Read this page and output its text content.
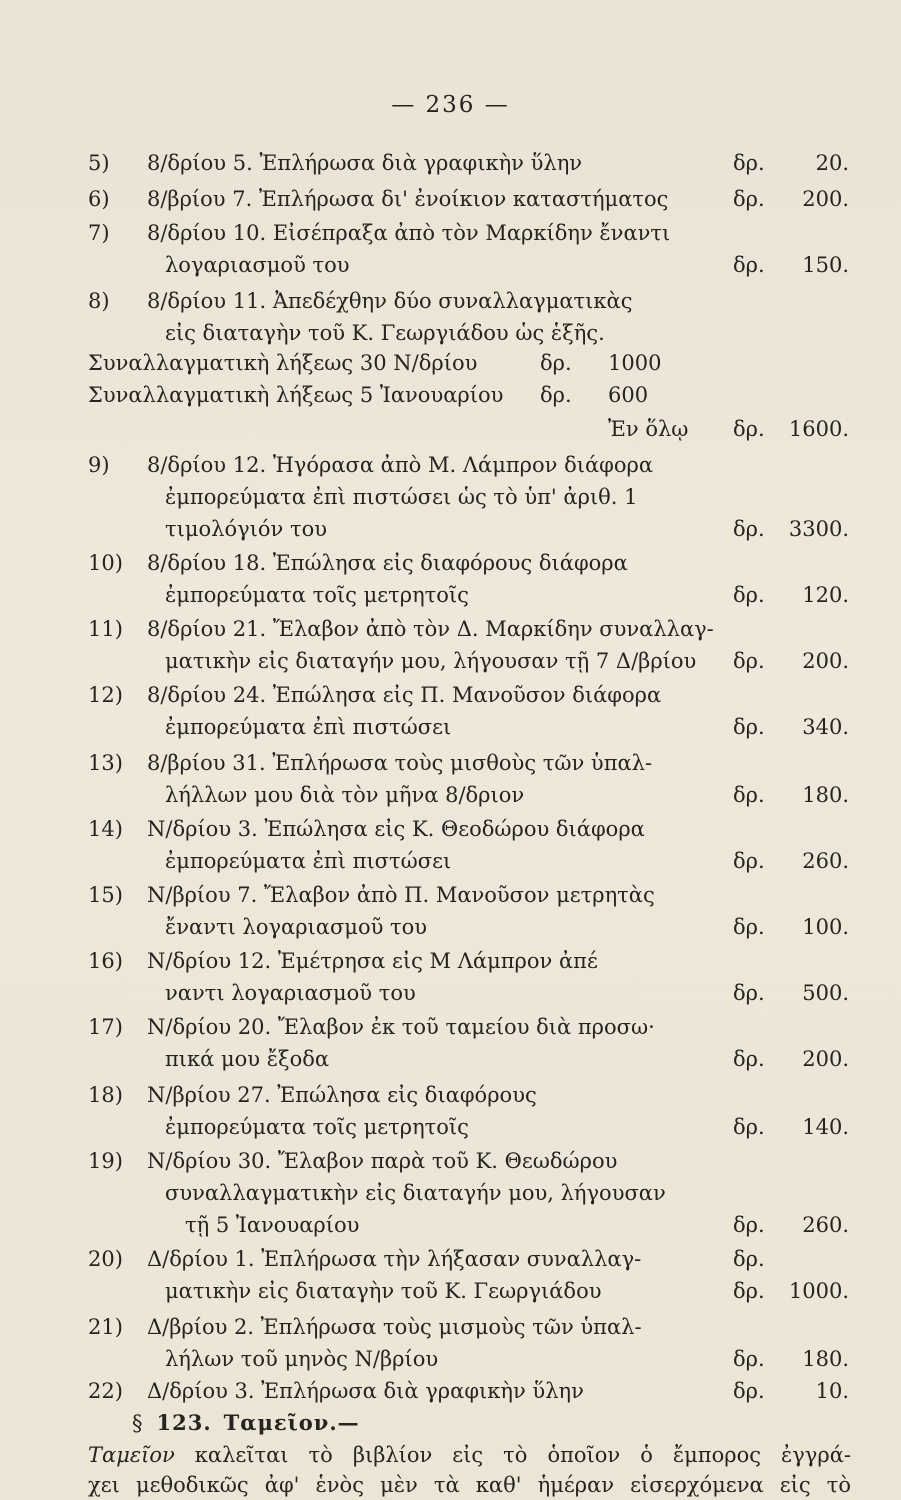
— 236 —
5) 8/δρίου 5. Ἐπλήρωσα διὰ γραφικὴν ὕλην	δρ. 20.
6) 8/βρίου 7. Ἐπλήρωσα δι' ἐνοίκιον καταστήματος	δρ. 200.
7) 8/δρίου 10. Εἰσέπραξα ἀπὸ τὸν Μαρκίδην ἔναντι
λογαριασμοῦ του	δρ. 150.
8) 8/δρίου 11. Ἀπεδέχθην δύο συναλλαγματικὰς
εἰς διαταγὴν τοῦ Κ. Γεωργιάδου ὡς ἑξῆς.
Συναλλαγματικὴ λήξεως 30 Ν/δρίου	δρ. 1000
Συναλλαγματικὴ λήξεως 5 Ἰανουαρίου δρ. 600
Ἐν ὅλῳ δρ. 1600.
9) 8/δρίου 12. Ἠγόρασα ἀπὸ Μ. Λάμπρον διάφορα
ἐμπορεύματα ἐπὶ πιστώσει ὡς τὸ ὑπ' ἀριθ. 1
τιμολόγιόν του	δρ. 3300.
10) 8/δρίου 18. Ἐπώλησα εἰς διαφόρους διάφορα
ἐμπορεύματα τοῖς μετρητοῖς	δρ. 120.
11) 8/δρίου 21. Ἔλαβον ἀπὸ τὸν Δ. Μαρκίδην συναλλαγ-
ματικὴν εἰς διαταγήν μου, λήγουσαν τῇ 7 Δ/βρίου δρ. 200.
12) 8/δρίου 24. Ἐπώλησα εἰς Π. Μανοῦσον διάφορα
ἐμπορεύματα ἐπὶ πιστώσει	δρ. 340.
13) 8/βρίου 31. Ἐπλήρωσα τοὺς μισθοὺς τῶν ὑπαλ-
λήλλων μου διὰ τὸν μῆνα 8/δριον	δρ. 180.
14) Ν/δρίου 3. Ἐπώλησα εἰς Κ. Θεοδώρου διάφορα
ἐμπορεύματα ἐπὶ πιστώσει	δρ. 260.
15) Ν/βρίου 7. Ἔλαβον ἀπὸ Π. Μανοῦσον μετρητὰς
ἔναντι λογαριασμοῦ του	δρ. 100.
16) Ν/δρίου 12. Ἐμέτρησα εἰς Μ Λάμπρον ἀπέ
ναντι λογαριασμοῦ του	δρ. 500.
17) Ν/δρίου 20. Ἔλαβον ἐκ τοῦ ταμείου διὰ προσω·
πικά μου ἔξοδα	δρ. 200.
18) Ν/βρίου 27. Ἐπώλησα εἰς διαφόρους
ἐμπορεύματα τοῖς μετρητοῖς	δρ. 140.
19) Ν/δρίου 30. Ἔλαβον παρὰ τοῦ Κ. Θεωδώρου
συναλλαγματικὴν εἰς διαταγήν μου, λήγουσαν
τῇ 5 Ἰανουαρίου	δρ. 260.
20) Δ/δρίου 1. Ἐπλήρωσα τὴν λήξασαν συναλλαγ-	δρ.
ματικὴν εἰς διαταγὴν τοῦ Κ. Γεωργιάδου	δρ. 1000.
21) Δ/βρίου 2. Ἐπλήρωσα τοὺς μισμοὺς τῶν ὑπαλ-
λήλων τοῦ μηνὸς Ν/βρίου	δρ. 180.
22) Δ/δρίου 3. Ἐπλήρωσα διὰ γραφικὴν ὕλην	δρ. 10.
§ 123. Ταμεῖον.—
Ταμεῖον καλεῖται τὸ βιβλίον εἰς τὸ ὁποῖον ὁ ἔμπορος ἐγγρά-
χει μεθοδικῶς ἀφ' ἑνὸς μὲν τὰ καθ' ἡμέραν εἰσερχόμενα εἰς τὸ
